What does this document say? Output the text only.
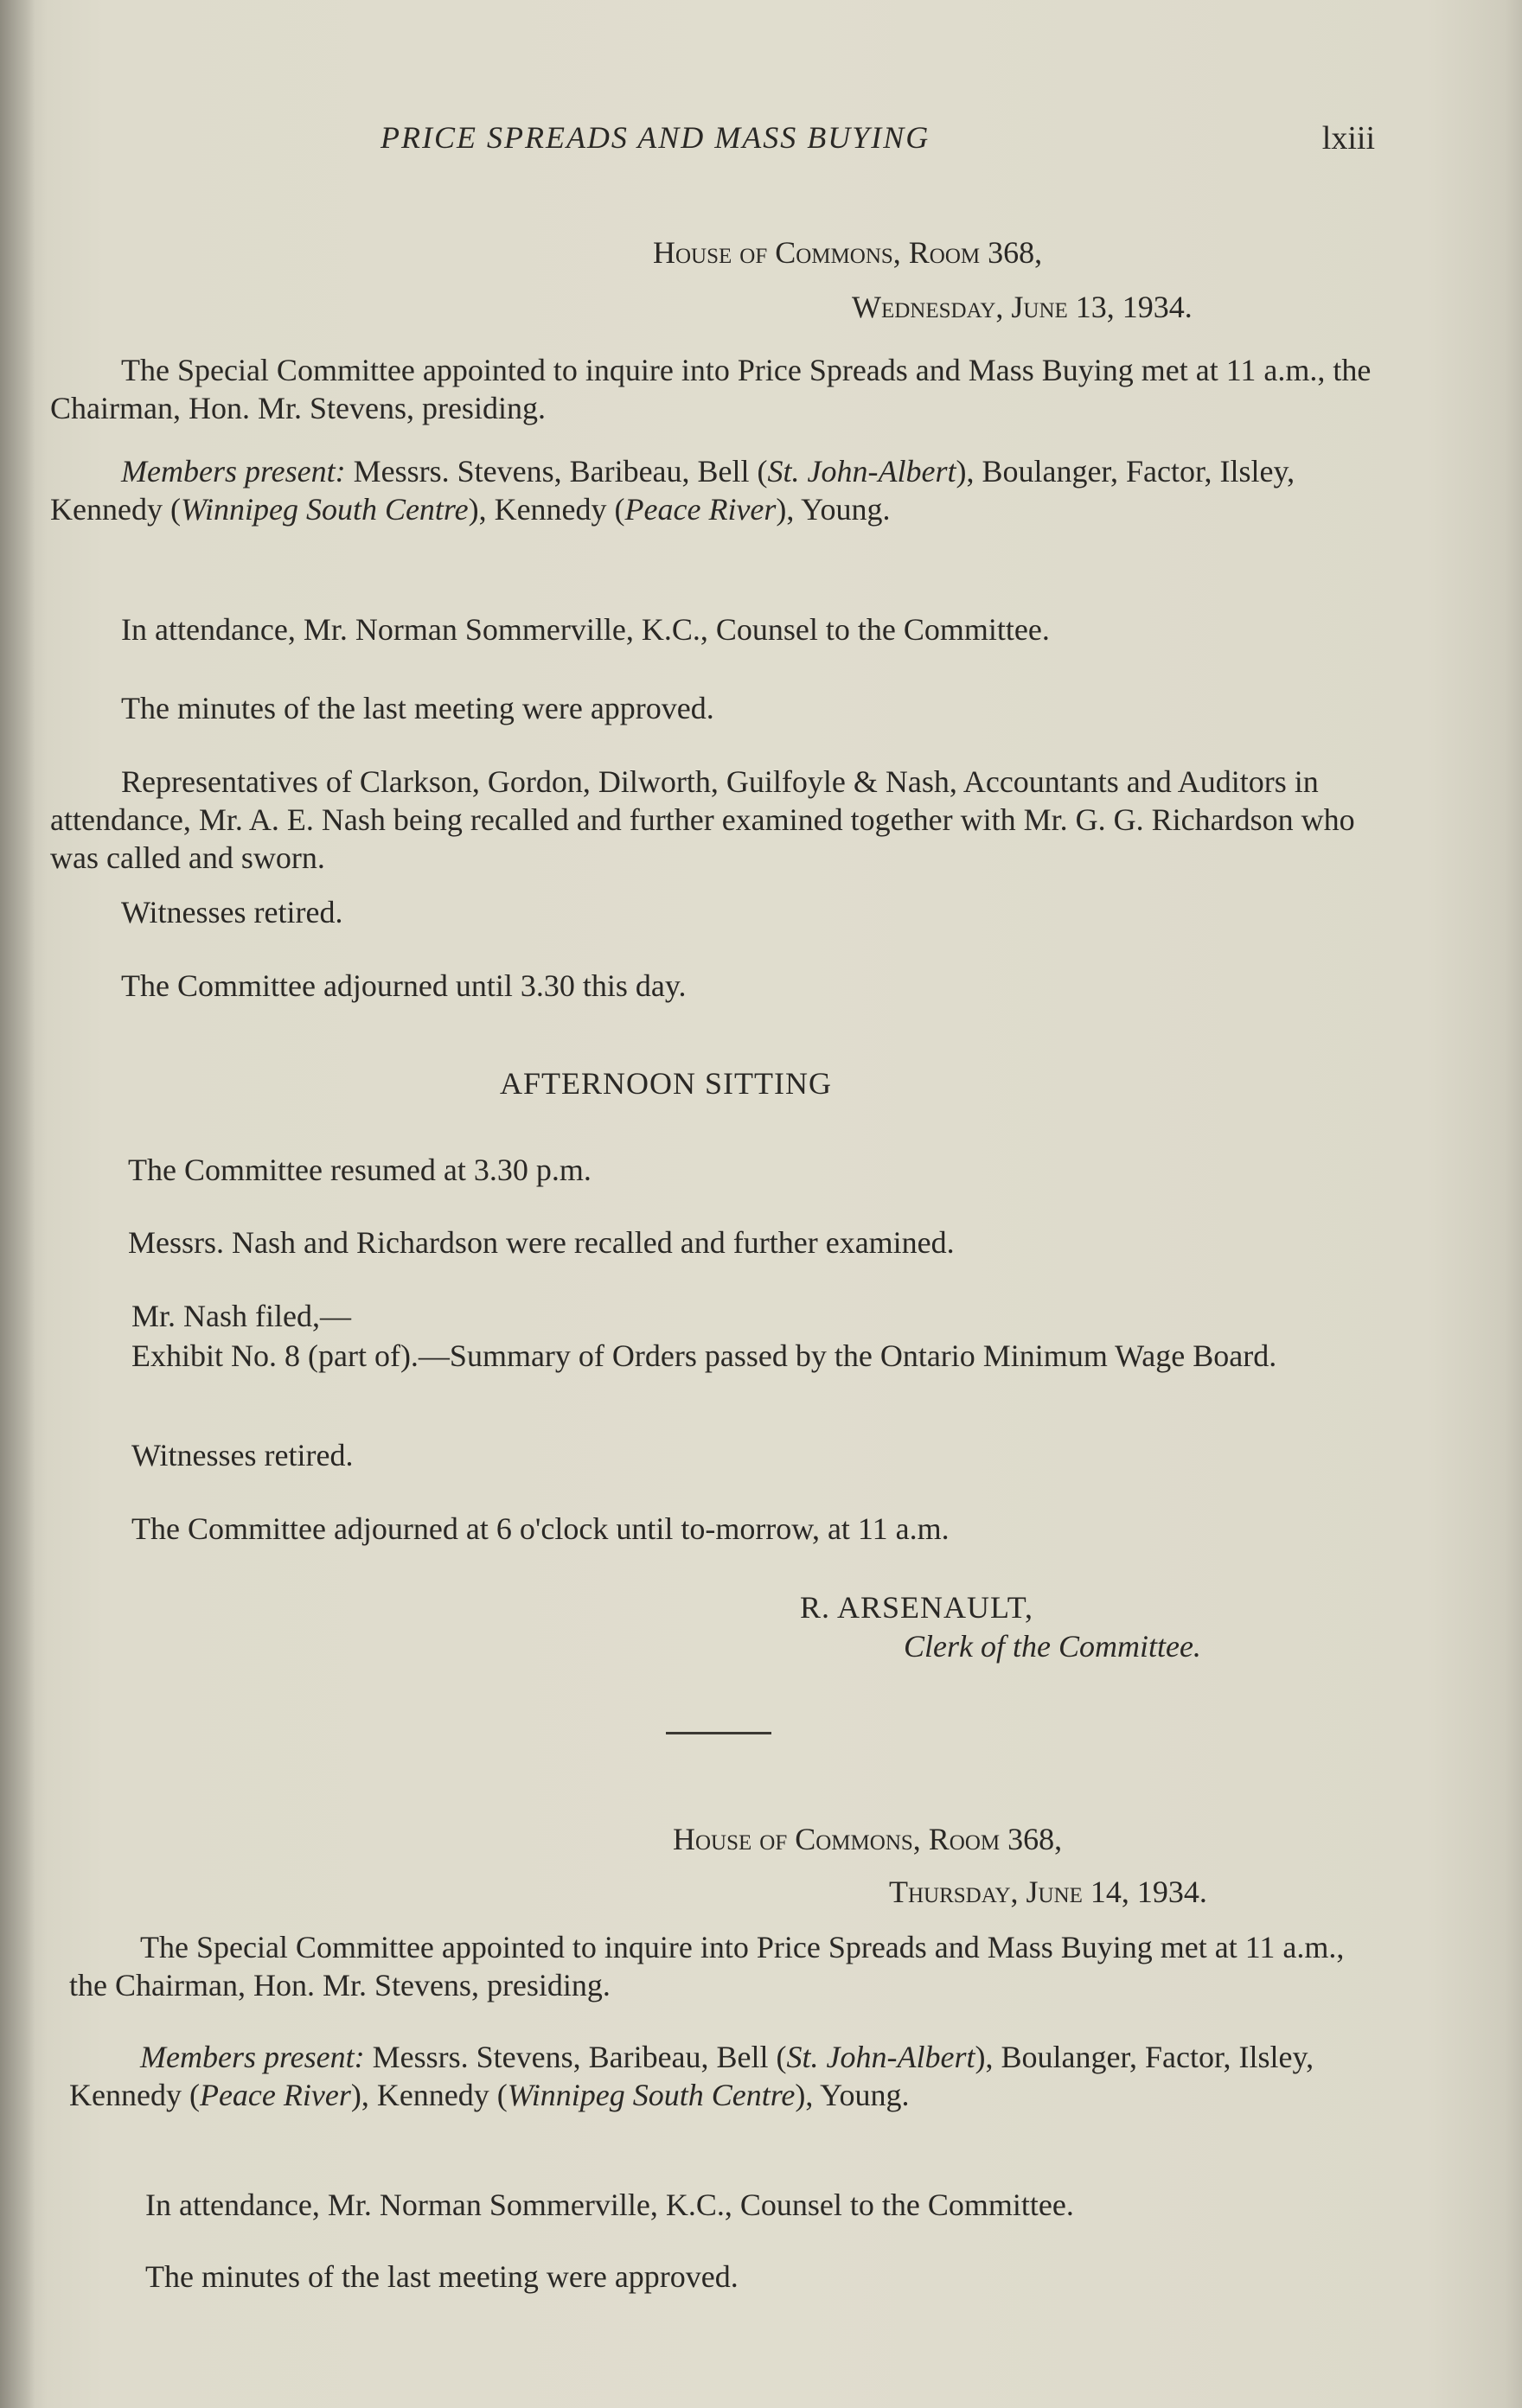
PRICE SPREADS AND MASS BUYING	lxiii
House of Commons, Room 368,
Wednesday, June 13, 1934.

The Special Committee appointed to inquire into Price Spreads and Mass Buying met at 11 a.m., the Chairman, Hon. Mr. Stevens, presiding.

Members present: Messrs. Stevens, Baribeau, Bell (St. John-Albert), Boulanger, Factor, Ilsley, Kennedy (Winnipeg South Centre), Kennedy (Peace River), Young.

In attendance, Mr. Norman Sommerville, K.C., Counsel to the Committee.
The minutes of the last meeting were approved.

Representatives of Clarkson, Gordon, Dilworth, Guilfoyle & Nash, Accountants and Auditors in attendance, Mr. A. E. Nash being recalled and further examined together with Mr. G. G. Richardson who was called and sworn.

Witnesses retired.
The Committee adjourned until 3.30 this day.
AFTERNOON SITTING
The Committee resumed at 3.30 p.m.
Messrs. Nash and Richardson were recalled and further examined.
Mr. Nash filed,—

Exhibit No. 8 (part of).—Summary of Orders passed by the Ontario Minimum Wage Board.

Witnesses retired.
The Committee adjourned at 6 o'clock until to-morrow, at 11 a.m.
R. ARSENAULT,
Clerk of the Committee.
House of Commons, Room 368,
Thursday, June 14, 1934.

The Special Committee appointed to inquire into Price Spreads and Mass Buying met at 11 a.m., the Chairman, Hon. Mr. Stevens, presiding.

Members present: Messrs. Stevens, Baribeau, Bell (St. John-Albert), Boulanger, Factor, Ilsley, Kennedy (Peace River), Kennedy (Winnipeg South Centre), Young.

In attendance, Mr. Norman Sommerville, K.C., Counsel to the Committee.
The minutes of the last meeting were approved.
